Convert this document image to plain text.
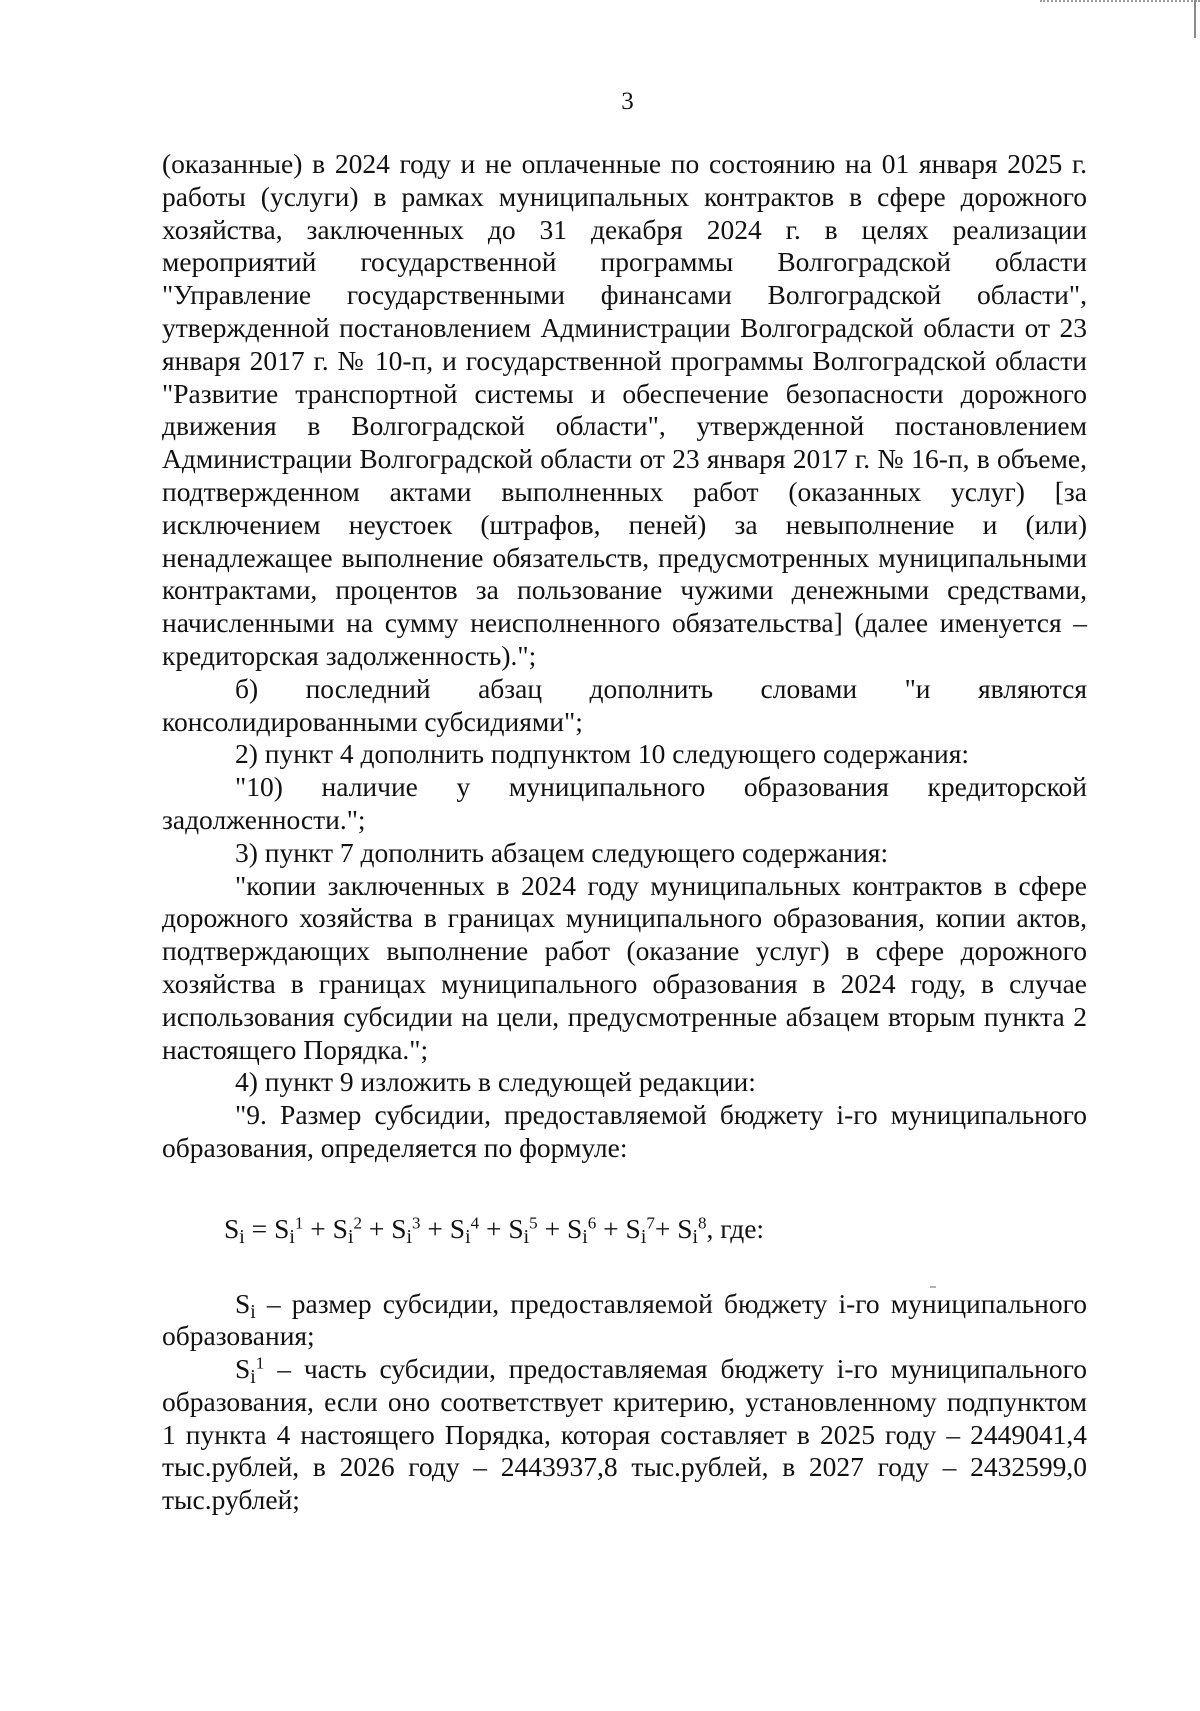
3

(оказанные) в 2024 году и не оплаченные по состоянию на 01 января 2025 г. работы (услуги) в рамках муниципальных контрактов в сфере дорожного хозяйства, заключенных до 31 декабря 2024 г. в целях реализации мероприятий государственной программы Волгоградской области "Управление государственными финансами Волгоградской области", утвержденной постановлением Администрации Волгоградской области от 23 января 2017 г. № 10-п, и государственной программы Волгоградской области "Развитие транспортной системы и обеспечение безопасности дорожного движения в Волгоградской области", утвержденной постановлением Администрации Волгоградской области от 23 января 2017 г. № 16-п, в объеме, подтвержденном актами выполненных работ (оказанных услуг) [за исключением неустоек (штрафов, пеней) за невыполнение и (или) ненадлежащее выполнение обязательств, предусмотренных муниципальными контрактами, процентов за пользование чужими денежными средствами, начисленными на сумму неисполненного обязательства] (далее именуется – кредиторская задолженность).";

б) последний абзац дополнить словами "и являются консолидированными субсидиями";

2) пункт 4 дополнить подпунктом 10 следующего содержания:

"10) наличие у муниципального образования кредиторской задолженности.";

3) пункт 7 дополнить абзацем следующего содержания:

"копии заключенных в 2024 году муниципальных контрактов в сфере дорожного хозяйства в границах муниципального образования, копии актов, подтверждающих выполнение работ (оказание услуг) в сфере дорожного хозяйства в границах муниципального образования в 2024 году, в случае использования субсидии на цели, предусмотренные абзацем вторым пункта 2 настоящего Порядка.";

4) пункт 9 изложить в следующей редакции:

"9. Размер субсидии, предоставляемой бюджету i-го муниципального образования, определяется по формуле:

$S_i = S_i^1 + S_i^2 + S_i^3 + S_i^4 + S_i^5 + S_i^6 + S_i^7+ S_i^8$, где:

$S_i$ – размер субсидии, предоставляемой бюджету i-го муниципального образования;

$S_i^1$ – часть субсидии, предоставляемая бюджету i-го муниципального образования, если оно соответствует критерию, установленному подпунктом 1 пункта 4 настоящего Порядка, которая составляет в 2025 году – 2449041,4 тыс.рублей, в 2026 году – 2443937,8 тыс.рублей, в 2027 году – 2432599,0 тыс.рублей;
